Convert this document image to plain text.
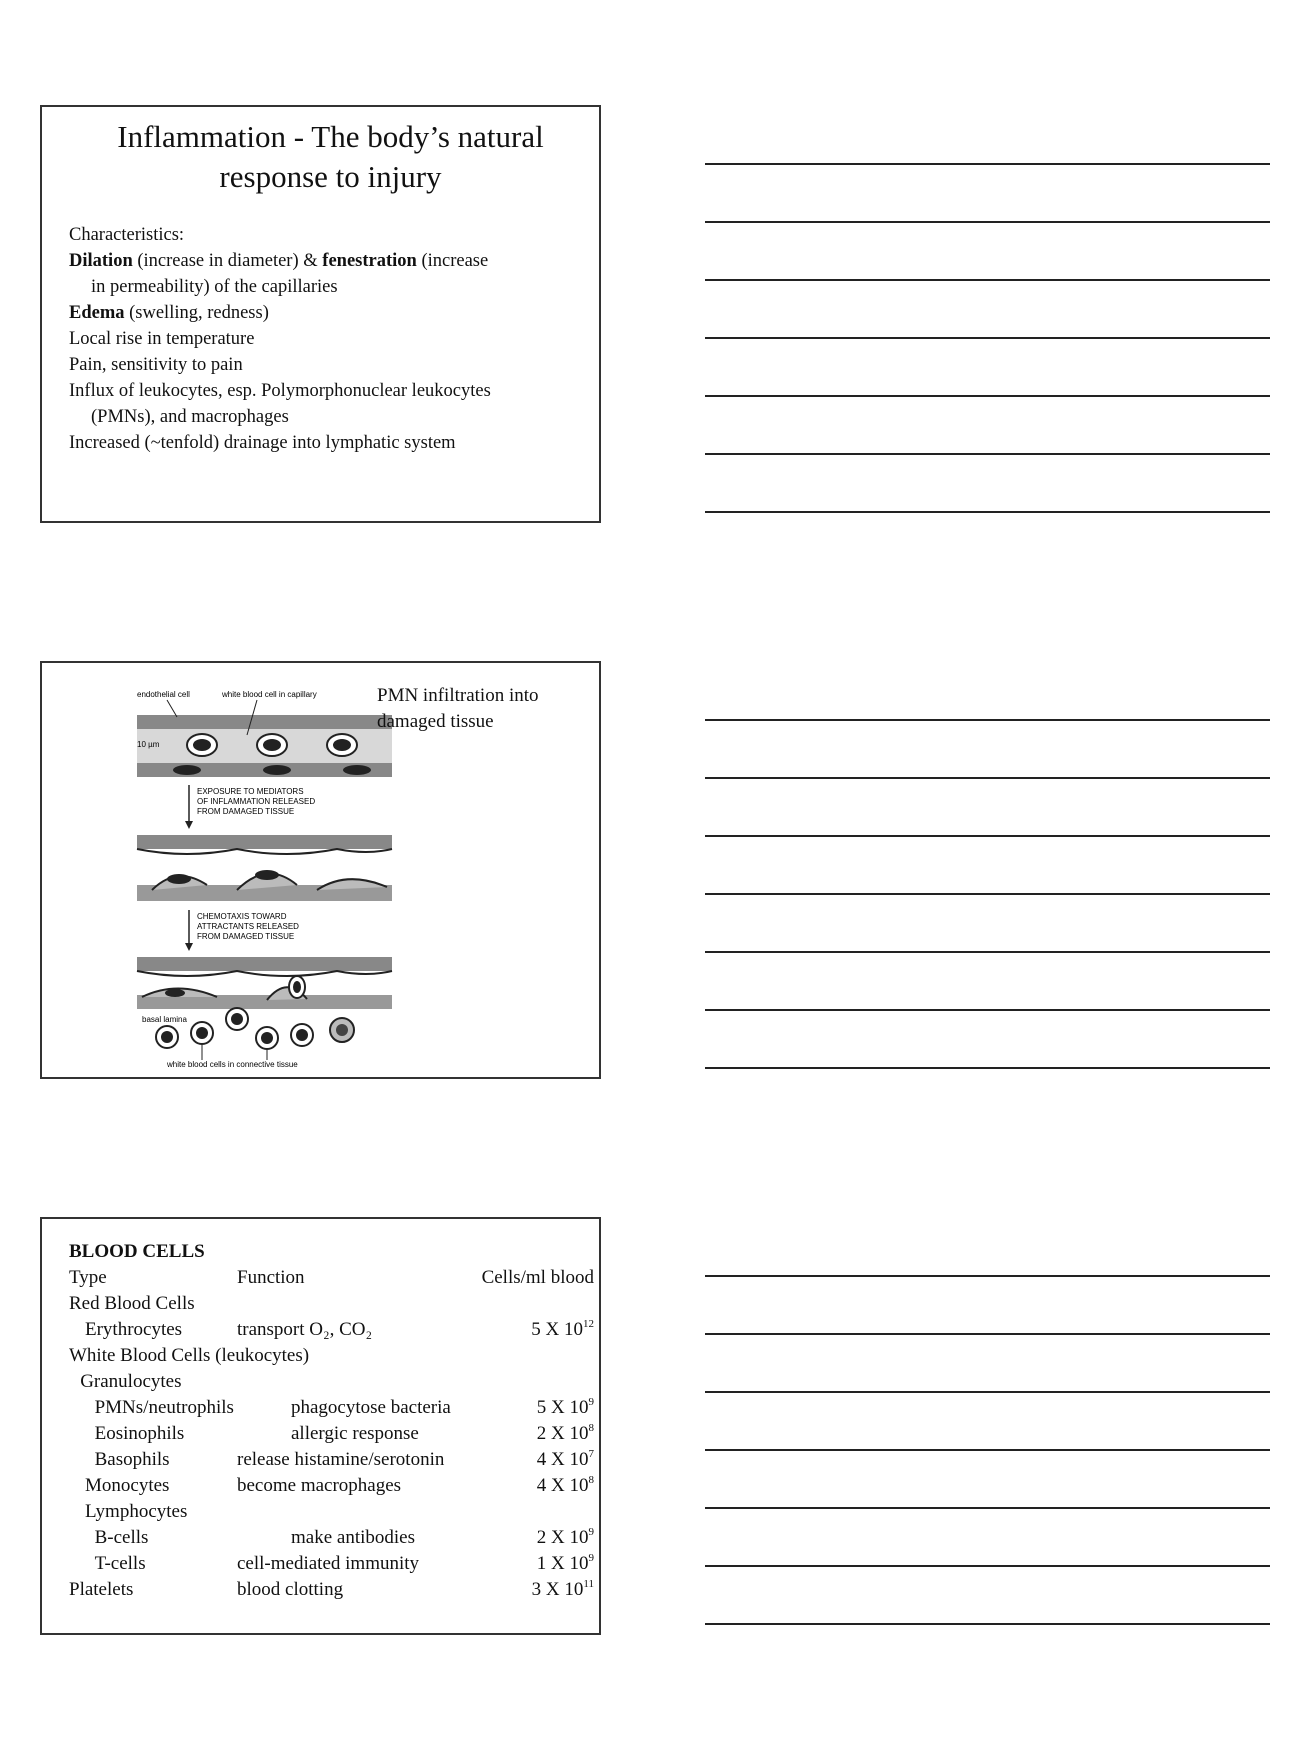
Inflammation - The body’s natural response to injury
Characteristics:
Dilation (increase in diameter) & fenestration (increase
in permeability) of the capillaries
Edema (swelling, redness)
Local rise in temperature
Pain, sensitivity to pain
Influx of leukocytes, esp. Polymorphonuclear leukocytes
(PMNs), and macrophages
Increased (~tenfold) drainage into lymphatic system
endothelial cell	white blood cell in capillary
10 µm
EXPOSURE TO MEDIATORS
OF INFLAMMATION RELEASED
FROM DAMAGED TISSUE
CHEMOTAXIS TOWARD
ATTRACTANTS RELEASED
FROM DAMAGED TISSUE
basal lamina
white blood cells in connective tissue
PMN infiltration into damaged tissue
BLOOD CELLS
Type	Function	Cells/ml blood
Red Blood Cells
Erythrocytes	transport O₂, CO₂	5 X $10^{12}$
White Blood Cells (leukocytes)
Granulocytes
PMNs/neutrophils	phagocytose bacteria	5 X $10^9$
Eosinophils	allergic response	2 X $10^8$
Basophils	release histamine/serotonin	4 X $10^7$
Monocytes	become macrophages	4 X $10^8$
Lymphocytes
B-cells	make antibodies	2 X $10^9$
T-cells	cell-mediated immunity	1 X $10^9$
Platelets	blood clotting	3 X $10^{11}$
